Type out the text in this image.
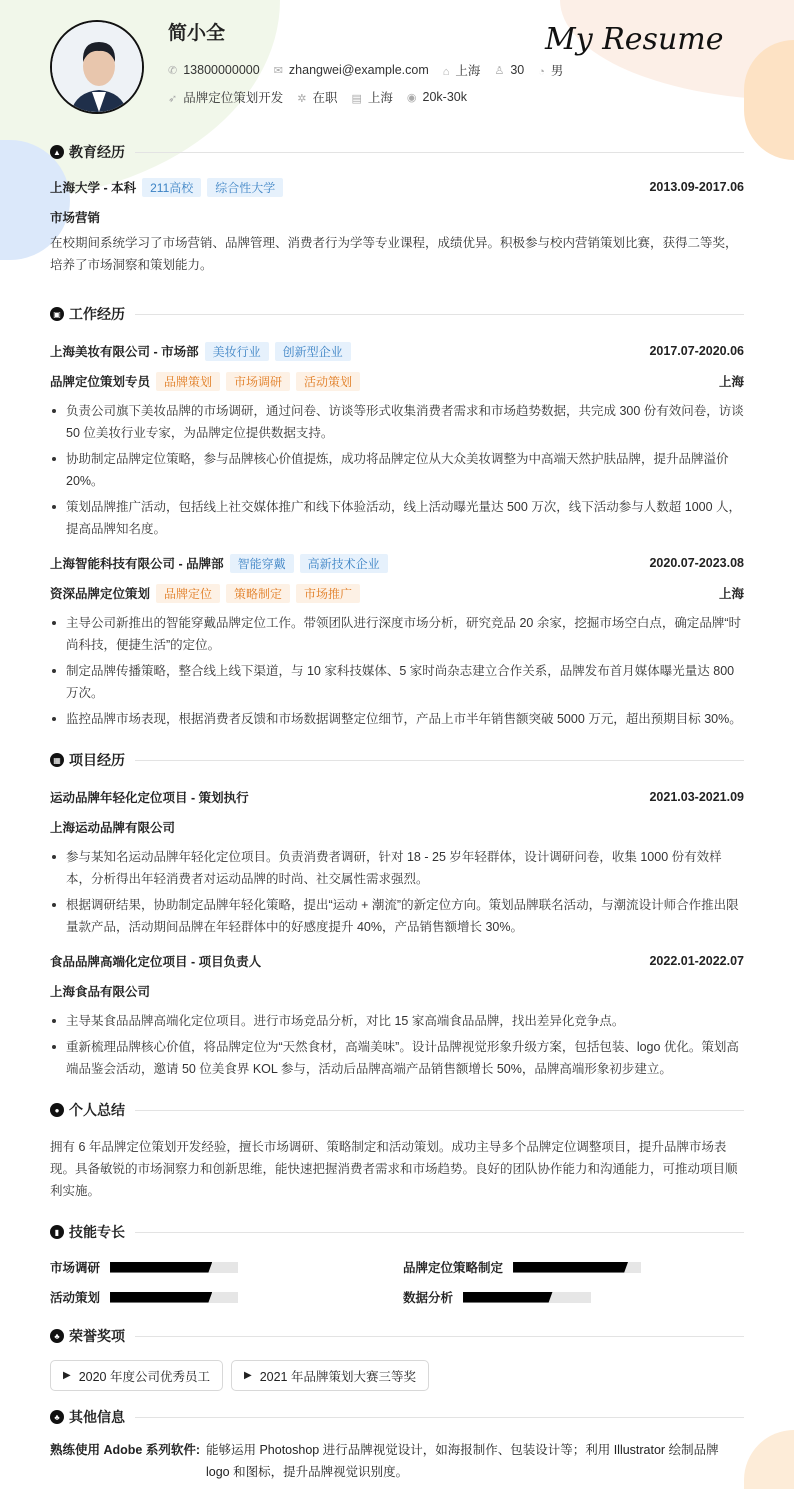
简小全	My Resume
✆ 13800000000 ✉ zhangwei@example.com ⌂ 上海 ♙ 30 ◔ 男
➶ 品牌定位策划开发 ✲ 在职 ▤ 上海 ◉ 20k-30k
▲ 教育经历
上海大学 - 本科	211高校	综合性大学	2013.09-2017.06
市场营销

在校期间系统学习了市场营销、品牌管理、消费者行为学等专业课程，成绩优异。积极参与校内营销策划比赛，获得二等奖，培养了市场洞察和策划能力。

▣ 工作经历
上海美妆有限公司 - 市场部	美妆行业	创新型企业	2017.07-2020.06
品牌定位策划专员	品牌策划	市场调研	活动策划	上海
负责公司旗下美妆品牌的市场调研，通过问卷、访谈等形式收集消费者需求和市场趋势数据，共完成 300 份有效问卷，访谈 50 位美妆行业专家，为品牌定位提供数据支持。
协助制定品牌定位策略，参与品牌核心价值提炼，成功将品牌定位从大众美妆调整为中高端天然护肤品牌，提升品牌溢价 20%。
策划品牌推广活动，包括线上社交媒体推广和线下体验活动，线上活动曝光量达 500 万次，线下活动参与人数超 1000 人，提高品牌知名度。
上海智能科技有限公司 - 品牌部	智能穿戴	高新技术企业	2020.07-2023.08
资深品牌定位策划	品牌定位	策略制定	市场推广	上海
主导公司新推出的智能穿戴品牌定位工作。带领团队进行深度市场分析，研究竞品 20 余家，挖掘市场空白点，确定品牌“时尚科技，便捷生活”的定位。
制定品牌传播策略，整合线上线下渠道，与 10 家科技媒体、5 家时尚杂志建立合作关系，品牌发布首月媒体曝光量达 800 万次。
监控品牌市场表现，根据消费者反馈和市场数据调整定位细节，产品上市半年销售额突破 5000 万元，超出预期目标 30%。
▦ 项目经历
运动品牌年轻化定位项目 - 策划执行	2021.03-2021.09
上海运动品牌有限公司
参与某知名运动品牌年轻化定位项目。负责消费者调研，针对 18 - 25 岁年轻群体，设计调研问卷，收集 1000 份有效样本，分析得出年轻消费者对运动品牌的时尚、社交属性需求强烈。
根据调研结果，协助制定品牌年轻化策略，提出“运动 + 潮流”的新定位方向。策划品牌联名活动，与潮流设计师合作推出限量款产品，活动期间品牌在年轻群体中的好感度提升 40%，产品销售额增长 30%。
食品品牌高端化定位项目 - 项目负责人	2022.01-2022.07
上海食品有限公司
主导某食品品牌高端化定位项目。进行市场竞品分析，对比 15 家高端食品品牌，找出差异化竞争点。
重新梳理品牌核心价值，将品牌定位为“天然食材，高端美味”。设计品牌视觉形象升级方案，包括包装、logo 优化。策划高端品鉴会活动，邀请 50 位美食界 KOL 参与，活动后品牌高端产品销售额增长 50%，品牌高端形象初步建立。
● 个人总结

拥有 6 年品牌定位策划开发经验，擅长市场调研、策略制定和活动策划。成功主导多个品牌定位调整项目，提升品牌市场表现。具备敏锐的市场洞察力和创新思维，能快速把握消费者需求和市场趋势。良好的团队协作能力和沟通能力，可推动项目顺利实施。

▮ 技能专长
市场调研	品牌定位策略制定
活动策划	数据分析
♣ 荣誉奖项
▶ 2020 年度公司优秀员工	▶ 2021 年品牌策划大赛三等奖
♣ 其他信息
熟练使用 Adobe 系列软件: 能够运用 Photoshop 进行品牌视觉设计，如海报制作、包装设计等；利用 Illustrator 绘制品牌 logo 和图标，提升品牌视觉识别度。
